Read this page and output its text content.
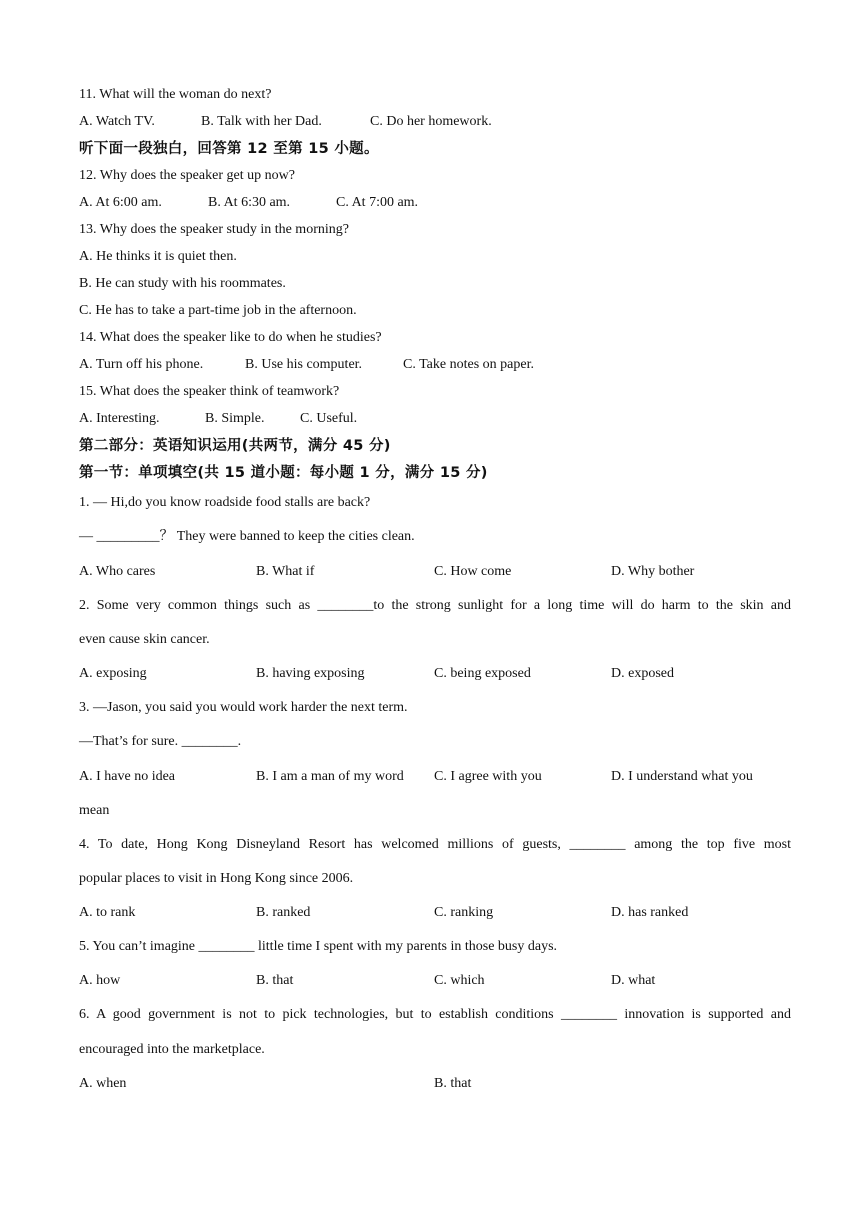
11. What will the woman do next?
A. Watch TV.	B. Talk with her Dad.	C. Do her homework.
听下面一段独白，回答第 12 至第 15 小题。
12. Why does the speaker get up now?
A. At 6:00 am.	B. At 6:30 am.	C. At 7:00 am.
13. Why does the speaker study in the morning?
A. He thinks it is quiet then.
B. He can study with his roommates.
C. He has to take a part-time job in the afternoon.
14. What does the speaker like to do when he studies?
A. Turn off his phone.	B. Use his computer.	C. Take notes on paper.
15. What does the speaker think of teamwork?
A. Interesting.	B. Simple.	C. Useful.
第二部分：英语知识运用(共两节，满分 45 分)
第一节：单项填空(共 15 道小题：每小题 1 分，满分 15 分)
1. — Hi,do you know roadside food stalls are back?
— _________？ They were banned to keep the cities clean.
A. Who cares	B. What if	C. How come	D. Why bother
2. Some very common things such as ________to the strong sunlight for a long time will do harm to the skin and
even cause skin cancer.
A. exposing	B. having exposing	C. being exposed	D. exposed
3. —Jason, you said you would work harder the next term.
—That’s for sure. ________.
A. I have no idea	B. I am a man of my word C. I agree with you	D. I understand what you
mean
4. To date, Hong Kong Disneyland Resort has welcomed millions of guests, ________ among the top five most
popular places to visit in Hong Kong since 2006.
A. to rank	B. ranked	C. ranking	D. has ranked
5. You can’t imagine ________ little time I spent with my parents in those busy days.
A. how	B. that	C. which	D. what
6. A good government is not to pick technologies, but to establish conditions ________ innovation is supported and
encouraged into the marketplace.
A. when	B. that
